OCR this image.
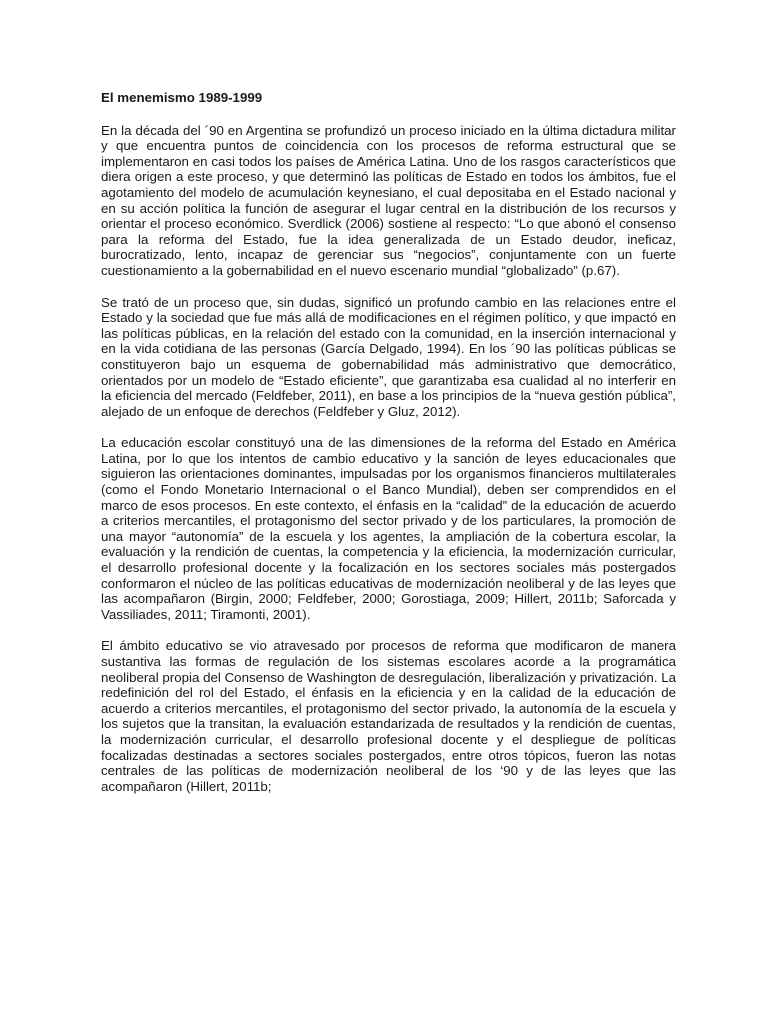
El menemismo 1989-1999

En la década del ´90 en Argentina se profundizó un proceso iniciado en la última dictadura militar y que encuentra puntos de coincidencia con los procesos de reforma estructural que se implementaron en casi todos los países de América Latina. Uno de los rasgos característicos que diera origen a este proceso, y que determinó las políticas de Estado en todos los ámbitos, fue el agotamiento del modelo de acumulación keynesiano, el cual depositaba en el Estado nacional y en su acción política la función de asegurar el lugar central en la distribución de los recursos y orientar el proceso económico. Sverdlick (2006) sostiene al respecto: “Lo que abonó el consenso para la reforma del Estado, fue la idea generalizada de un Estado deudor, ineficaz, burocratizado, lento, incapaz de gerenciar sus “negocios”, conjuntamente con un fuerte cuestionamiento a la gobernabilidad en el nuevo escenario mundial “globalizado” (p.67).

Se trató de un proceso que, sin dudas, significó un profundo cambio en las relaciones entre el Estado y la sociedad que fue más allá de modificaciones en el régimen político, y que impactó en las políticas públicas, en la relación del estado con la comunidad, en la inserción internacional y en la vida cotidiana de las personas (García Delgado, 1994). En los ´90 las políticas públicas se constituyeron bajo un esquema de gobernabilidad más administrativo que democrático, orientados por un modelo de “Estado eficiente”, que garantizaba esa cualidad al no interferir en la eficiencia del mercado (Feldfeber, 2011), en base a los principios de la “nueva gestión pública”, alejado de un enfoque de derechos (Feldfeber y Gluz, 2012).

La educación escolar constituyó una de las dimensiones de la reforma del Estado en América Latina, por lo que los intentos de cambio educativo y la sanción de leyes educacionales que siguieron las orientaciones dominantes, impulsadas por los organismos financieros multilaterales (como el Fondo Monetario Internacional o el Banco Mundial), deben ser comprendidos en el marco de esos procesos. En este contexto, el énfasis en la “calidad” de la educación de acuerdo a criterios mercantiles, el protagonismo del sector privado y de los particulares, la promoción de una mayor “autonomía” de la escuela y los agentes, la ampliación de la cobertura escolar, la evaluación y la rendición de cuentas, la competencia y la eficiencia, la modernización curricular, el desarrollo profesional docente y la focalización en los sectores sociales más postergados conformaron el núcleo de las políticas educativas de modernización neoliberal y de las leyes que las acompañaron (Birgin, 2000; Feldfeber, 2000; Gorostiaga, 2009; Hillert, 2011b; Saforcada y Vassiliades, 2011; Tiramonti, 2001).

El ámbito educativo se vio atravesado por procesos de reforma que modificaron de manera sustantiva las formas de regulación de los sistemas escolares acorde a la programática neoliberal propia del Consenso de Washington de desregulación, liberalización y privatización. La redefinición del rol del Estado, el énfasis en la eficiencia y en la calidad de la educación de acuerdo a criterios mercantiles, el protagonismo del sector privado, la autonomía de la escuela y los sujetos que la transitan, la evaluación estandarizada de resultados y la rendición de cuentas, la modernización curricular, el desarrollo profesional docente y el despliegue de políticas focalizadas destinadas a sectores sociales postergados, entre otros tópicos, fueron las notas centrales de las políticas de modernización neoliberal de los ‘90 y de las leyes que las acompañaron (Hillert, 2011b;
